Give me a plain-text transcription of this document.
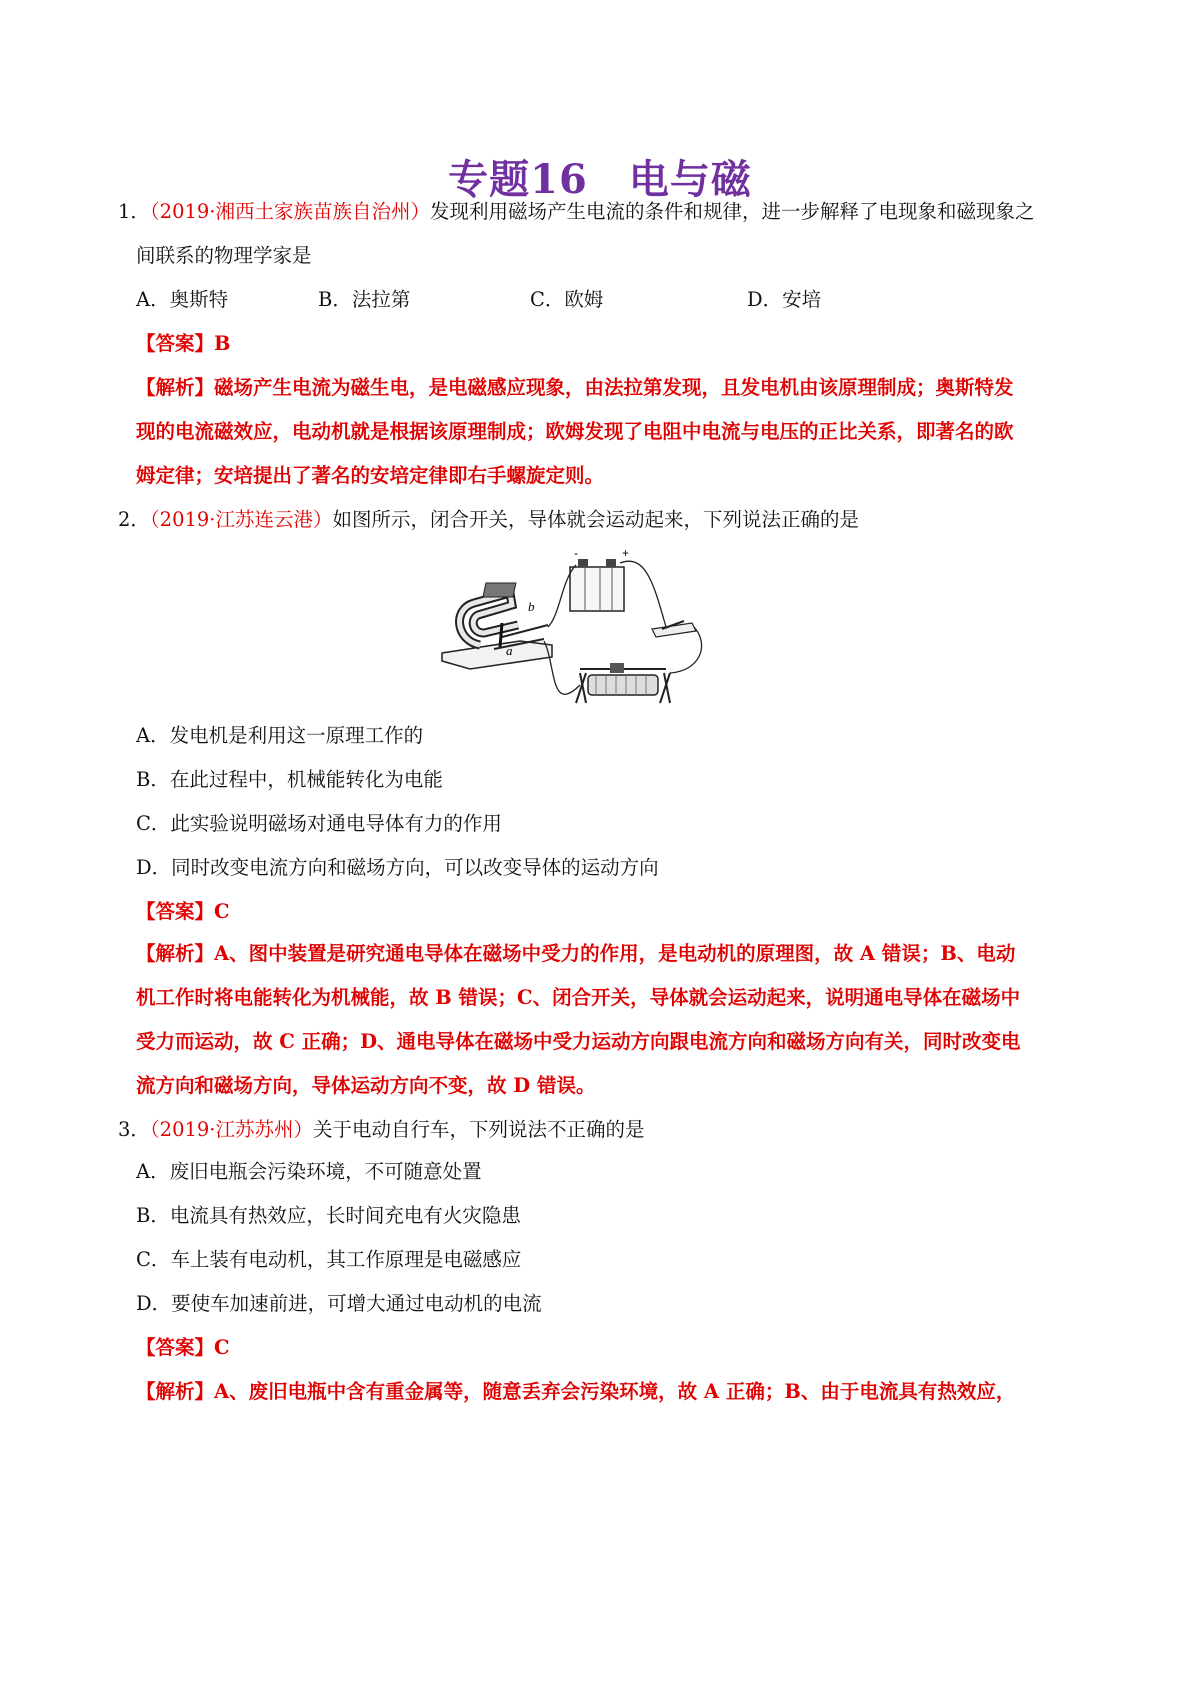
专题16　电与磁
1．（2019·湘西土家族苗族自治州）发现利用磁场产生电流的条件和规律，进一步解释了电现象和磁现象之
间联系的物理学家是
A．奥斯特	B．法拉第	C．欧姆	D．安培
【答案】B
【解析】磁场产生电流为磁生电，是电磁感应现象，由法拉第发现，且发电机由该原理制成；奥斯特发
现的电流磁效应，电动机就是根据该原理制成；欧姆发现了电阻中电流与电压的正比关系，即著名的欧
姆定律；安培提出了著名的安培定律即右手螺旋定则。
2．（2019·江苏连云港）如图所示，闭合开关，导体就会运动起来，下列说法正确的是
a
b
-	+
A．发电机是利用这一原理工作的
B．在此过程中，机械能转化为电能
C．此实验说明磁场对通电导体有力的作用
D．同时改变电流方向和磁场方向，可以改变导体的运动方向
【答案】C
【解析】A、图中装置是研究通电导体在磁场中受力的作用，是电动机的原理图，故 A 错误；B、电动
机工作时将电能转化为机械能，故 B 错误；C、闭合开关，导体就会运动起来，说明通电导体在磁场中
受力而运动，故 C 正确；D、通电导体在磁场中受力运动方向跟电流方向和磁场方向有关，同时改变电
流方向和磁场方向，导体运动方向不变，故 D 错误。
3．（2019·江苏苏州）关于电动自行车，下列说法不正确的是
A．废旧电瓶会污染环境，不可随意处置
B．电流具有热效应，长时间充电有火灾隐患
C．车上装有电动机，其工作原理是电磁感应
D．要使车加速前进，可增大通过电动机的电流
【答案】C
【解析】A、废旧电瓶中含有重金属等，随意丢弃会污染环境，故 A 正确；B、由于电流具有热效应，
